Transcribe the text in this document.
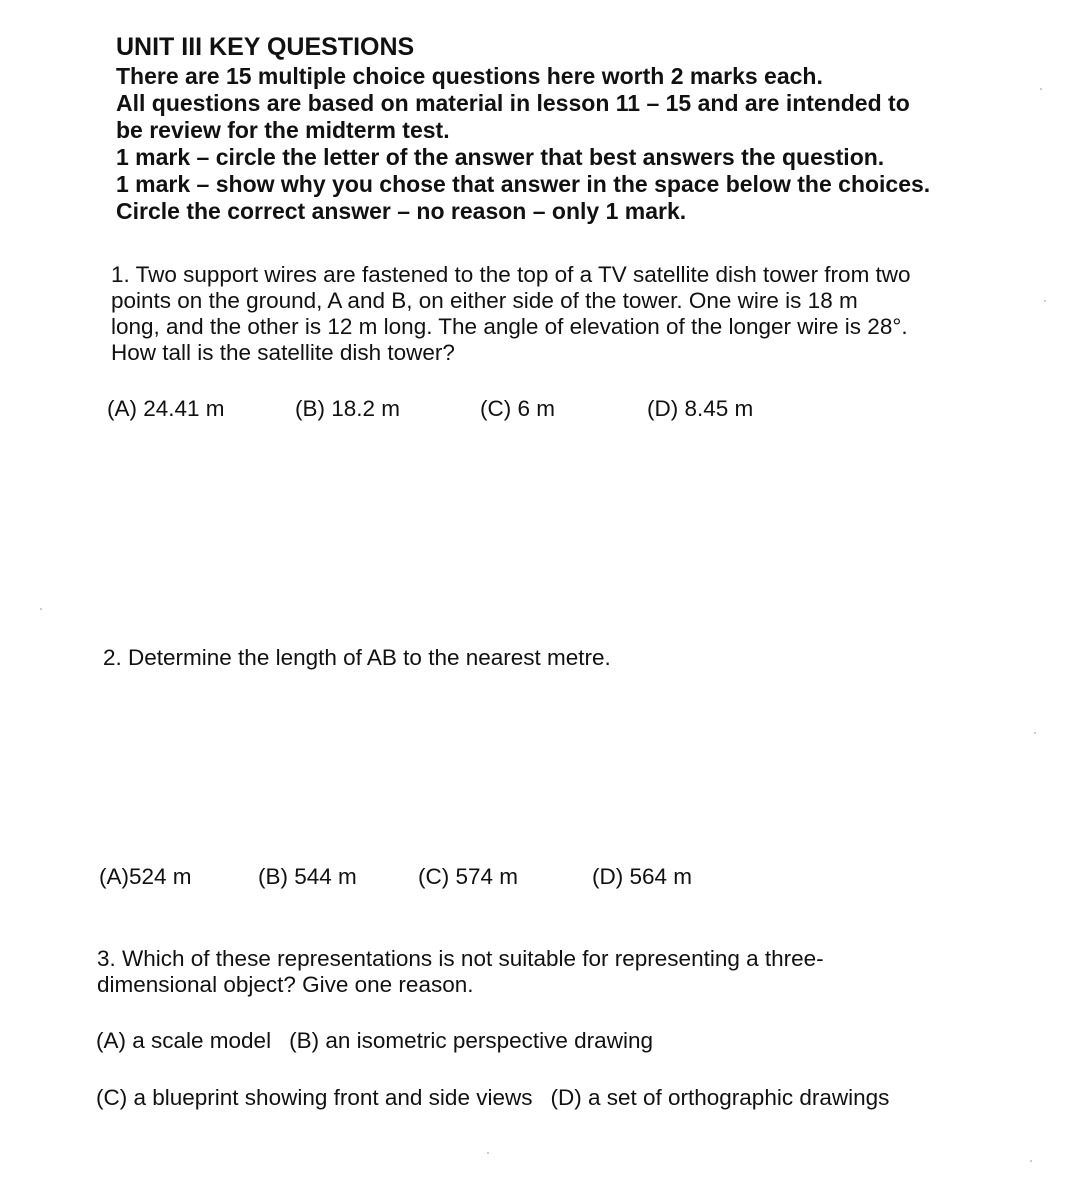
UNIT III KEY QUESTIONS
There are 15 multiple choice questions here worth 2 marks each.
All questions are based on material in lesson 11 – 15 and are intended to
be review for the midterm test.
1 mark – circle the letter of the answer that best answers the question.
1 mark – show why you chose that answer in the space below the choices.
Circle the correct answer – no reason – only 1 mark.
1. Two support wires are fastened to the top of a TV satellite dish tower from two
points on the ground, A and B, on either side of the tower. One wire is 18 m
long, and the other is 12 m long. The angle of elevation of the longer wire is 28°.
How tall is the satellite dish tower?
(A) 24.41 m	(B) 18.2 m	(C) 6 m	(D) 8.45 m
2. Determine the length of AB to the nearest metre.
(A)524 m	(B) 544 m	(C) 574 m	(D) 564 m
3. Which of these representations is not suitable for representing a three-
dimensional object? Give one reason.
(A) a scale model (B) an isometric perspective drawing
(C) a blueprint showing front and side views (D) a set of orthographic drawings
